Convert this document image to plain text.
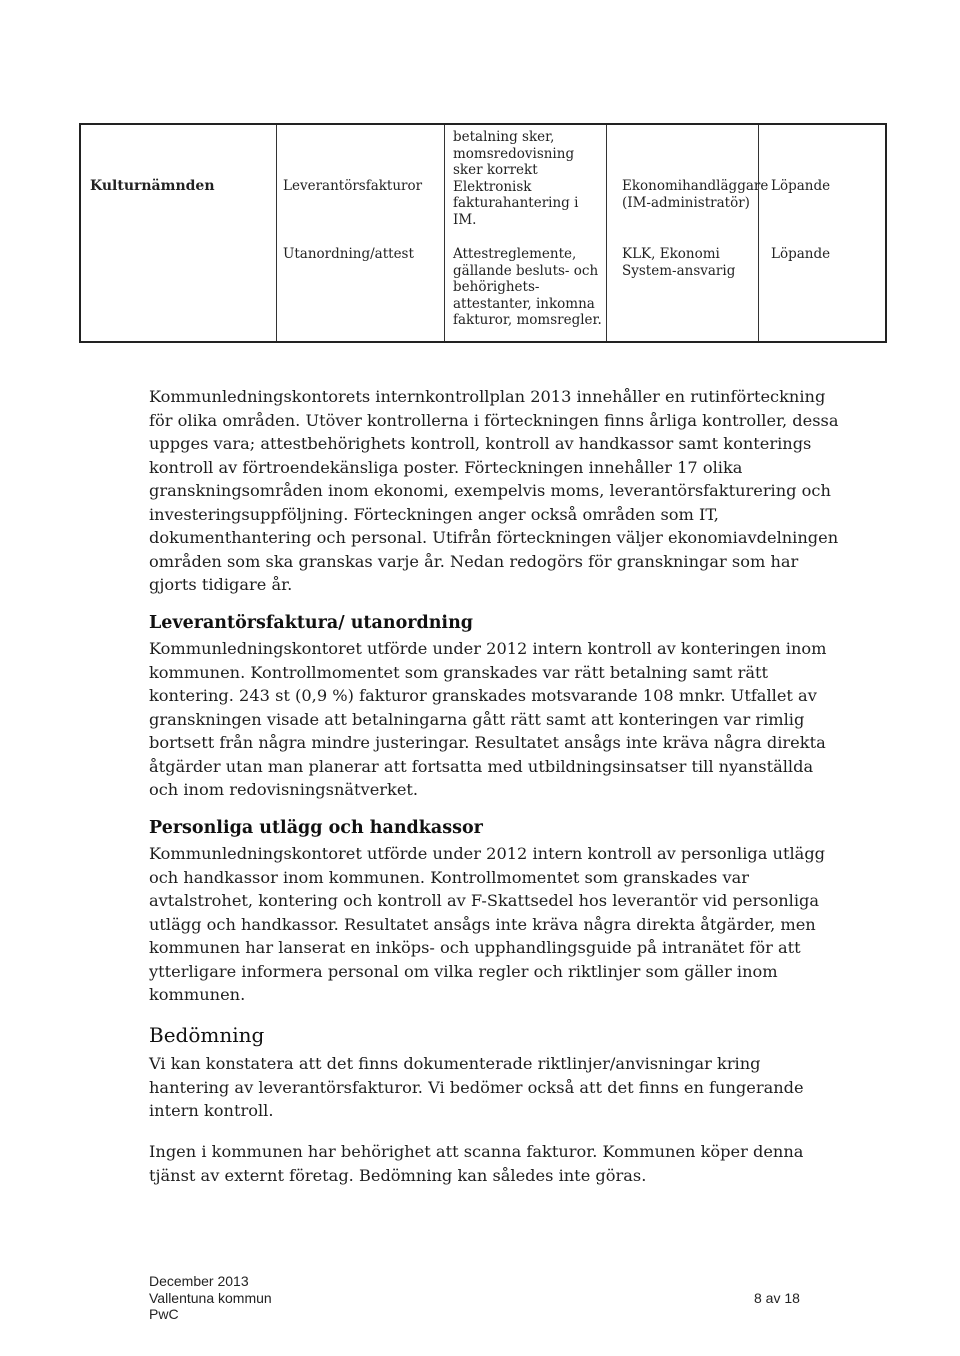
Kulturnämnden	Leverantörsfakturor
betalning sker,
momsredovisning
sker korrekt
Elektronisk
fakturahantering i
IM.
Ekonomihandläggare
(IM-administratör)
Löpande
Utanordning/attest	Attestreglemente,
gällande besluts- och
behörighets-
attestanter, inkomna
fakturor, momsregler.
KLK, Ekonomi
System-ansvarig
Löpande
Kommunledningskontorets internkontrollplan 2013 innehåller en rutinförteckning
för olika områden. Utöver kontrollerna i förteckningen finns årliga kontroller, dessa
uppges vara; attestbehörighets kontroll, kontroll av handkassor samt konterings
kontroll av förtroendekänsliga poster. Förteckningen innehåller 17 olika
granskningsområden inom ekonomi, exempelvis moms, leverantörsfakturering och
investeringsuppföljning. Förteckningen anger också områden som IT,
dokumenthantering och personal. Utifrån förteckningen väljer ekonomiavdelningen
områden som ska granskas varje år. Nedan redogörs för granskningar som har
gjorts tidigare år.
Leverantörsfaktura/ utanordning
Kommunledningskontoret utförde under 2012 intern kontroll av konteringen inom
kommunen. Kontrollmomentet som granskades var rätt betalning samt rätt
kontering. 243 st (0,9 %) fakturor granskades motsvarande 108 mnkr. Utfallet av
granskningen visade att betalningarna gått rätt samt att konteringen var rimlig
bortsett från några mindre justeringar. Resultatet ansågs inte kräva några direkta
åtgärder utan man planerar att fortsatta med utbildningsinsatser till nyanställda
och inom redovisningsnätverket.
Personliga utlägg och handkassor
Kommunledningskontoret utförde under 2012 intern kontroll av personliga utlägg
och handkassor inom kommunen. Kontrollmomentet som granskades var
avtalstrohet, kontering och kontroll av F-Skattsedel hos leverantör vid personliga
utlägg och handkassor. Resultatet ansågs inte kräva några direkta åtgärder, men
kommunen har lanserat en inköps- och upphandlingsguide på intranätet för att
ytterligare informera personal om vilka regler och riktlinjer som gäller inom
kommunen.
Bedömning
Vi kan konstatera att det finns dokumenterade riktlinjer/anvisningar kring
hantering av leverantörsfakturor. Vi bedömer också att det finns en fungerande
intern kontroll.
Ingen i kommunen har behörighet att scanna fakturor. Kommunen köper denna
tjänst av externt företag. Bedömning kan således inte göras.
December 2013
Vallentuna kommun
PwC
8 av 18
